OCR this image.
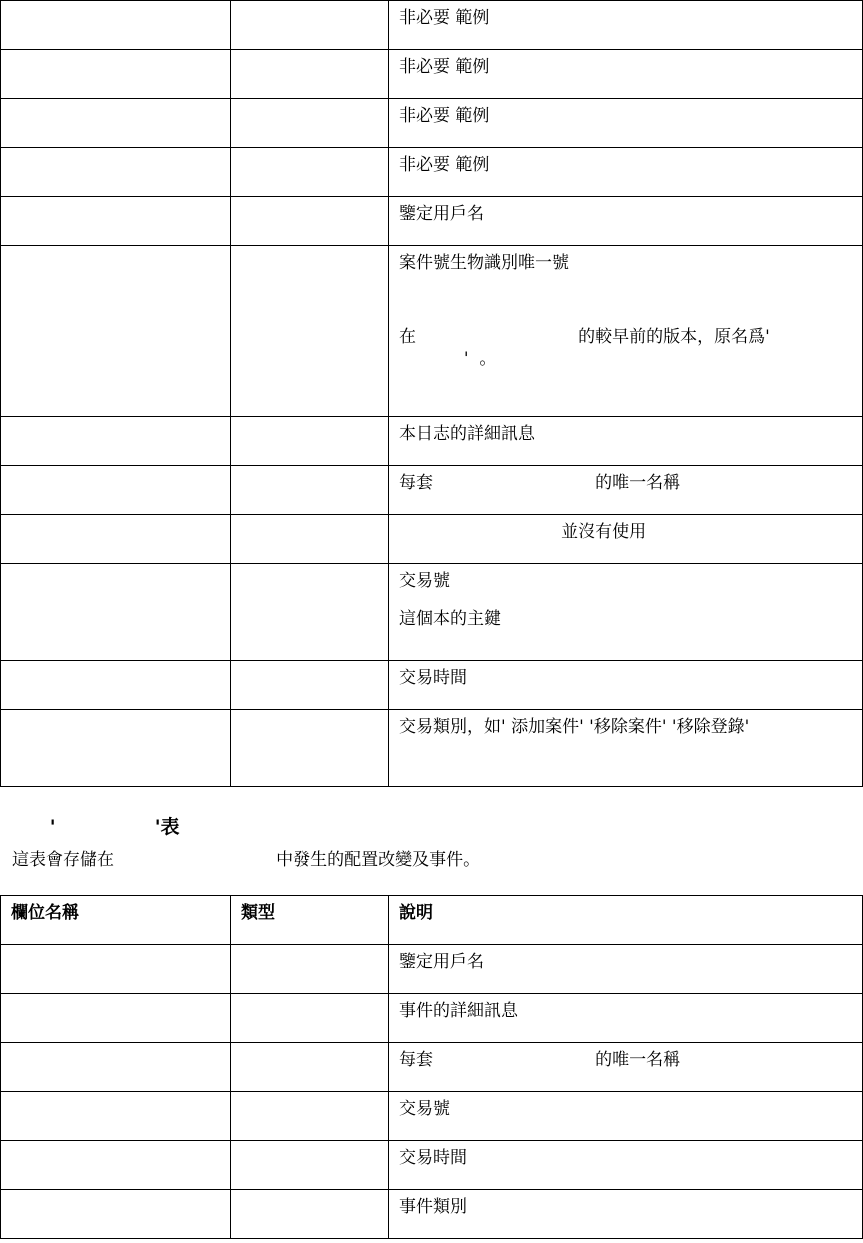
		非必要 範例
		非必要 範例
		非必要 範例
		非必要 範例
		鑒定用戶名

		案件號生物識別唯一號
在                              的較早前的版本，原名爲'
'  。

		本日志的詳細訊息
		每套                              的唯一名稱
		並沒有使用

		交易號
這個本的主鍵

		交易時間
		交易類別，如' 添加案件' '移除案件' '移除登錄'
'               '表
這表會存儲在                              中發生的配置改變及事件。
欄位名稱	類型	說明
		鑒定用戶名
		事件的詳細訊息
		每套                              的唯一名稱
		交易號
		交易時間
		事件類別
